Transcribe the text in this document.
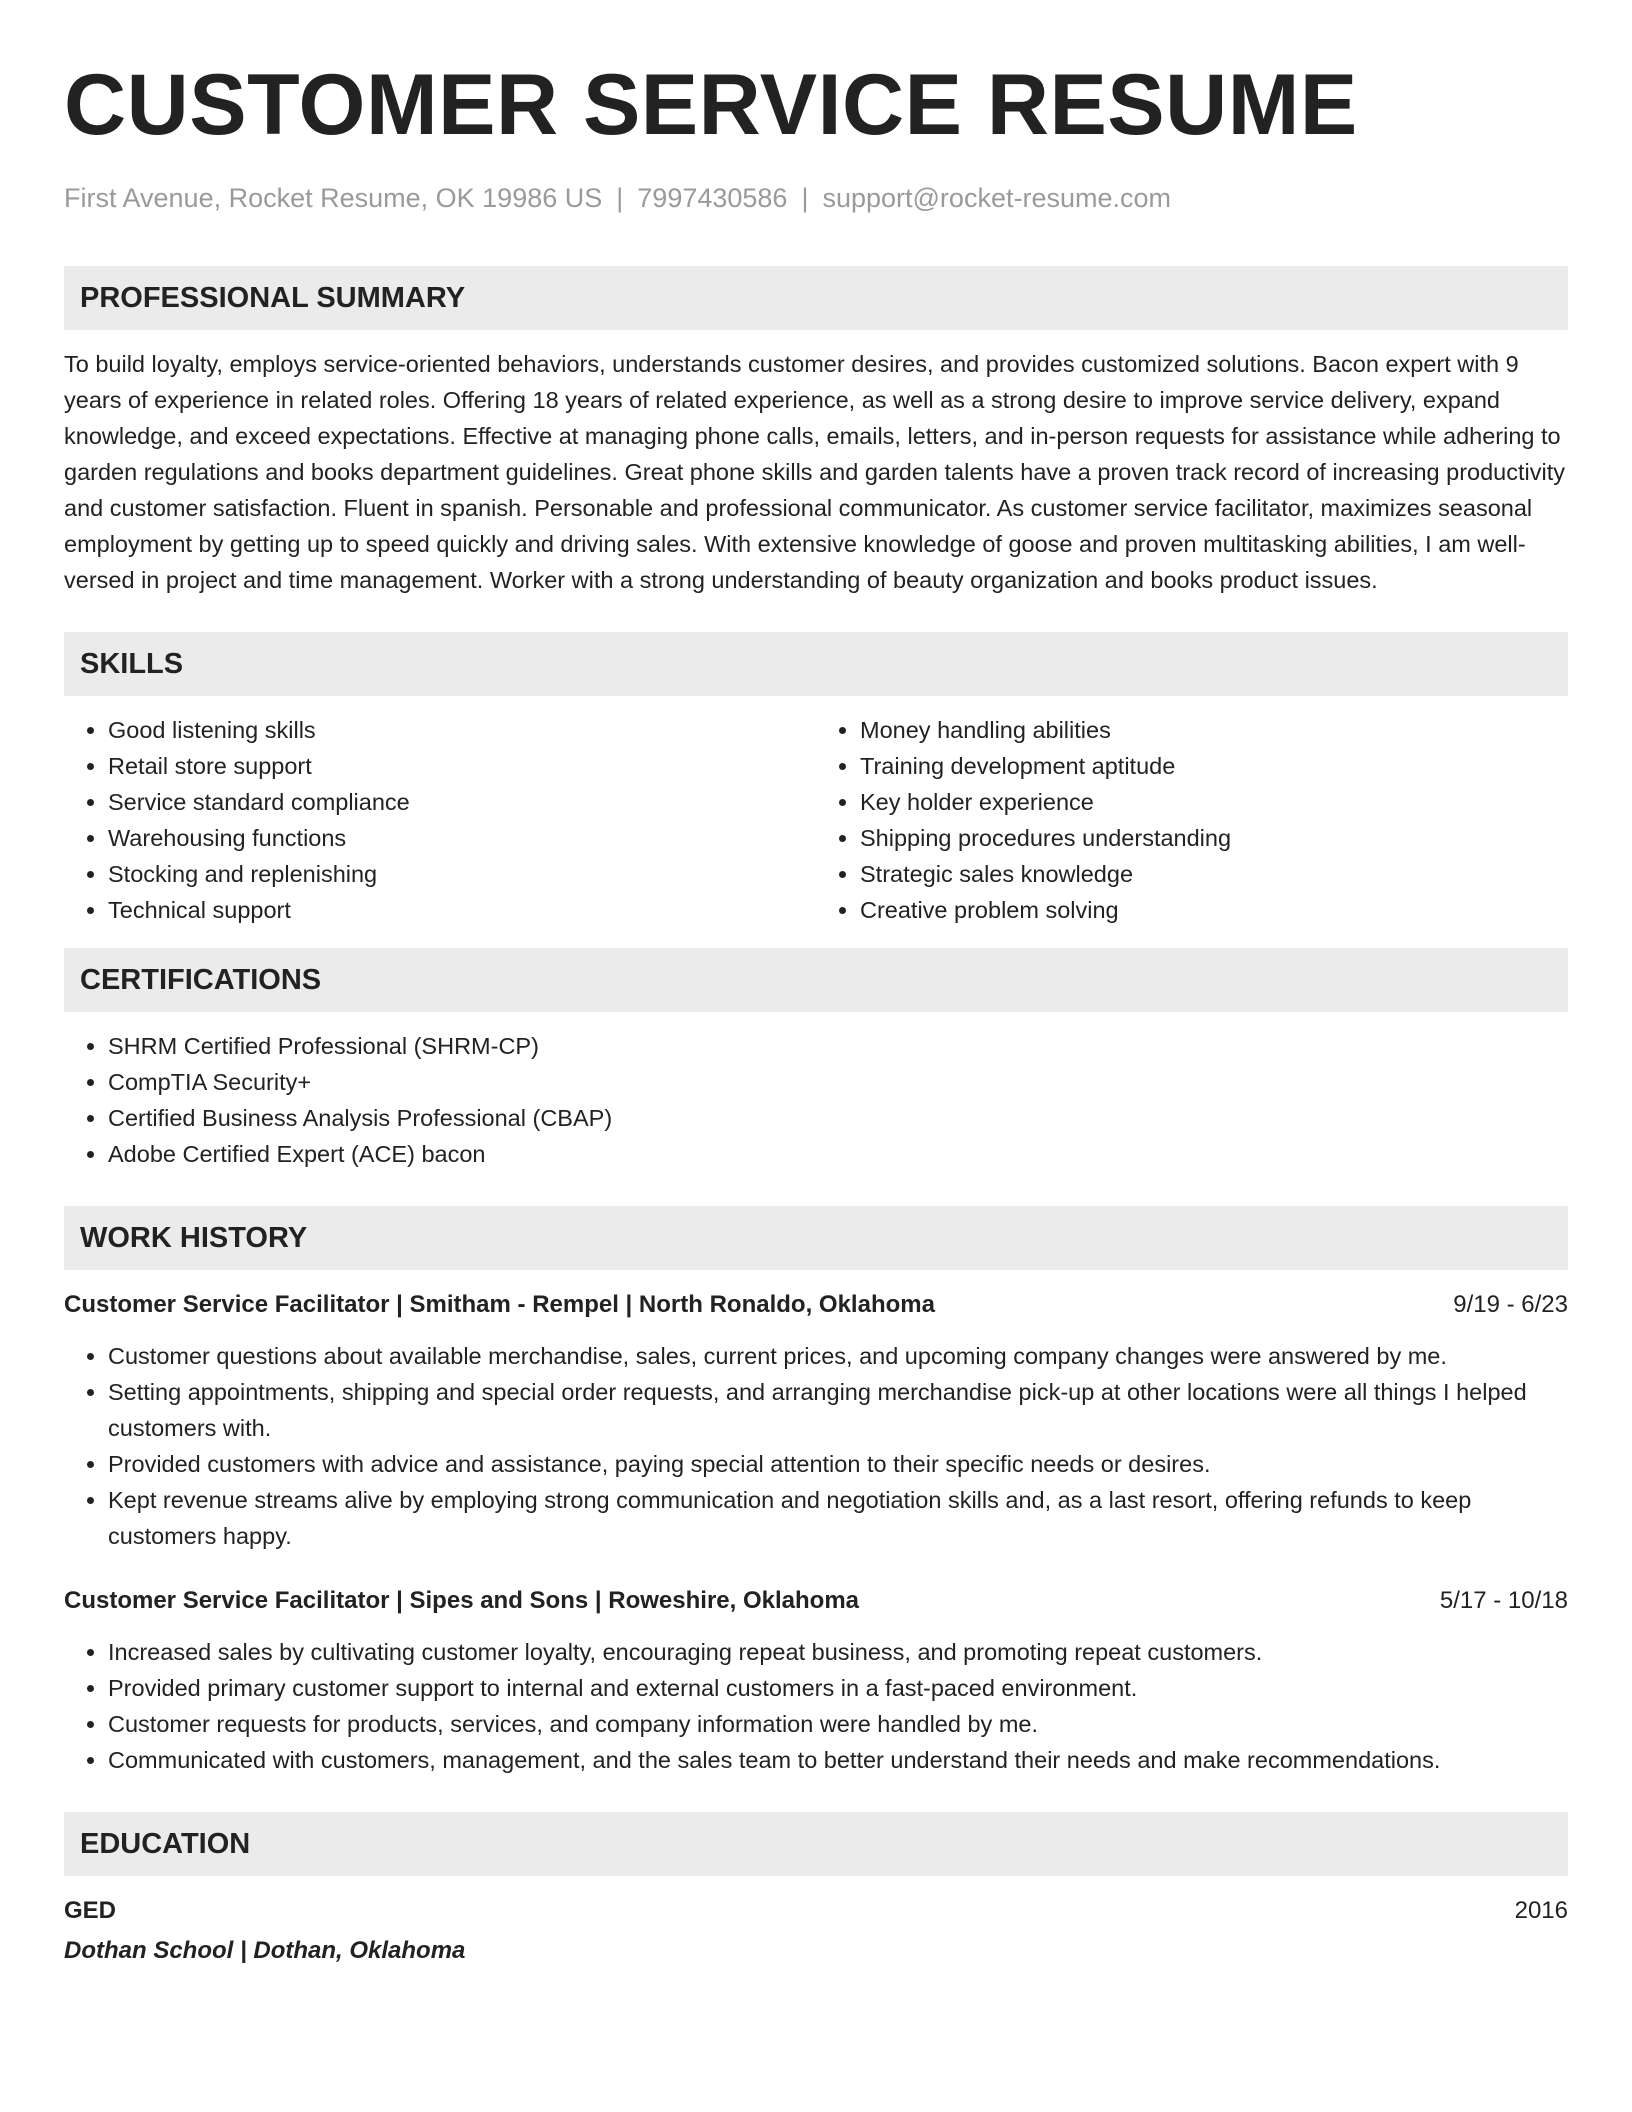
CUSTOMER SERVICE RESUME
First Avenue, Rocket Resume, OK 19986 US | 7997430586 | support@rocket-resume.com
PROFESSIONAL SUMMARY

To build loyalty, employs service-oriented behaviors, understands customer desires, and provides customized solutions. Bacon expert with 9 years of experience in related roles. Offering 18 years of related experience, as well as a strong desire to improve service delivery, expand knowledge, and exceed expectations. Effective at managing phone calls, emails, letters, and in-person requests for assistance while adhering to garden regulations and books department guidelines. Great phone skills and garden talents have a proven track record of increasing productivity and customer satisfaction. Fluent in spanish. Personable and professional communicator. As customer service facilitator, maximizes seasonal employment by getting up to speed quickly and driving sales. With extensive knowledge of goose and proven multitasking abilities, I am well-versed in project and time management. Worker with a strong understanding of beauty organization and books product issues.

SKILLS
• Good listening skills
• Retail store support
• Service standard compliance
• Warehousing functions
• Stocking and replenishing
• Technical support
• Money handling abilities
• Training development aptitude
• Key holder experience
• Shipping procedures understanding
• Strategic sales knowledge
• Creative problem solving
CERTIFICATIONS
• SHRM Certified Professional (SHRM-CP)
• CompTIA Security+
• Certified Business Analysis Professional (CBAP)
• Adobe Certified Expert (ACE) bacon
WORK HISTORY
Customer Service Facilitator | Smitham - Rempel | North Ronaldo, Oklahoma	9/19 - 6/23
• Customer questions about available merchandise, sales, current prices, and upcoming company changes were answered by me.
• Setting appointments, shipping and special order requests, and arranging merchandise pick-up at other locations were all things I helped customers with.
• Provided customers with advice and assistance, paying special attention to their specific needs or desires.
• Kept revenue streams alive by employing strong communication and negotiation skills and, as a last resort, offering refunds to keep customers happy.
Customer Service Facilitator | Sipes and Sons | Roweshire, Oklahoma	5/17 - 10/18
• Increased sales by cultivating customer loyalty, encouraging repeat business, and promoting repeat customers.
• Provided primary customer support to internal and external customers in a fast-paced environment.
• Customer requests for products, services, and company information were handled by me.
• Communicated with customers, management, and the sales team to better understand their needs and make recommendations.
EDUCATION
GED	2016
Dothan School | Dothan, Oklahoma
